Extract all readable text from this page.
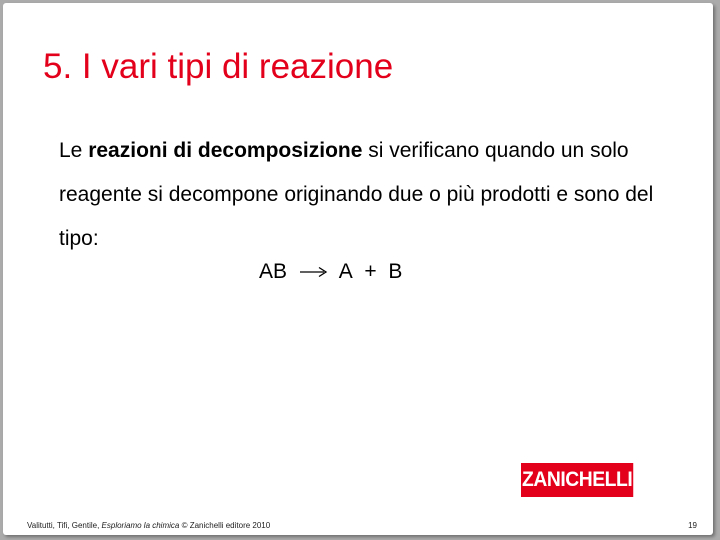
5. I vari tipi di reazione

Le reazioni di decomposizione si verificano quando un solo reagente si decompone originando due o più prodotti e sono del tipo:

AB A + B
ZANICHELLI
Valitutti, Tifi, Gentile, Esploriamo la chimica © Zanichelli editore 2010	19
